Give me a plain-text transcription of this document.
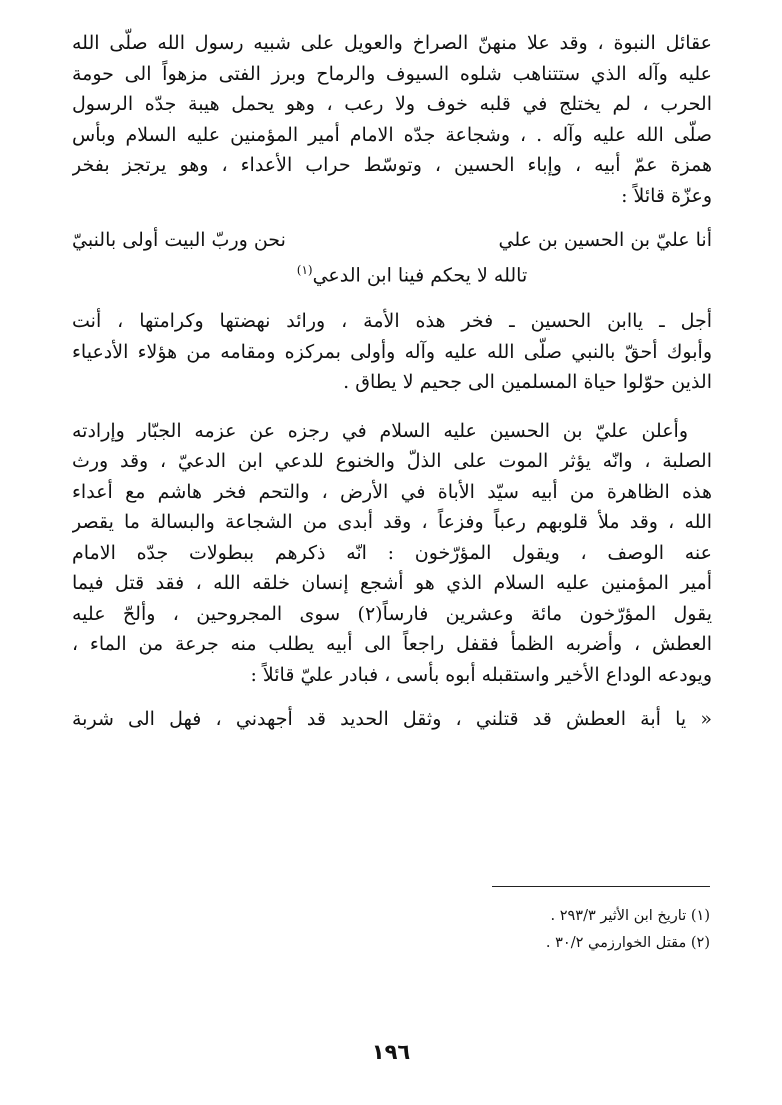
عقائل النبوة ، وقد علا منهنّ الصراخ والعويل على شبيه رسول الله صلّى الله

عليه وآله الذي ستتناهب شلوه السيوف والرماح وبرز الفتى مزهواً الى حومة

الحرب ، لم يختلج في قلبه خوف ولا رعب ، وهو يحمل هيبة جدّه الرسول

صلّى الله عليه وآله . ، وشجاعة جدّه الامام أمير المؤمنين عليه السلام وبأس

همزة عمّ أبيه ، وإباء الحسين ، وتوسّط حراب الأعداء ، وهو يرتجز بفخر

وعزّة قائلاً :

أنا عليّ بن الحسين بن علي
نحن وربّ البيت أولى بالنبيّ
تالله لا يحكم فينا ابن الدعي$^{(١)}$

أجل ـ ياابن الحسين ـ فخر هذه الأمة ، ورائد نهضتها وكرامتها ، أنت

وأبوك أحقّ بالنبي صلّى الله عليه وآله وأولى بمركزه ومقامه من هؤلاء الأدعياء

الذين حوّلوا حياة المسلمين الى جحيم لا يطاق .

وأعلن عليّ بن الحسين عليه السلام في رجزه عن عزمه الجبّار وإرادته

الصلبة ، وانّه يؤثر الموت على الذلّ والخنوع للدعي ابن الدعيّ ، وقد ورث

هذه الظاهرة من أبيه سيّد الأباة في الأرض ، والتحم فخر هاشم مع أعداء

الله ، وقد ملأ قلوبهم رعباً وفزعاً ، وقد أبدى من الشجاعة والبسالة ما يقصر

عنه الوصف ، ويقول المؤرّخون : انّه ذكرهم ببطولات جدّه الامام

أمير المؤمنين عليه السلام الذي هو أشجع إنسان خلقه الله ، فقد قتل فيما

يقول المؤرّخون مائة وعشرين فارساً(٢) سوى المجروحين ، وألحّ عليه

العطش ، وأضربه الظمأ فقفل راجعاً الى أبيه يطلب منه جرعة من الماء ،

ويودعه الوداع الأخير واستقبله أبوه بأسى ، فبادر عليّ قائلاً :

« يا أبة العطش قد قتلني ، وثقل الحديد قد أجهدني ، فهل الى شربة

(١) تاريخ ابن الأثير ٢٩٣/٣ .
(٢) مقتل الخوارزمي ٣٠/٢ .
١٩٦
